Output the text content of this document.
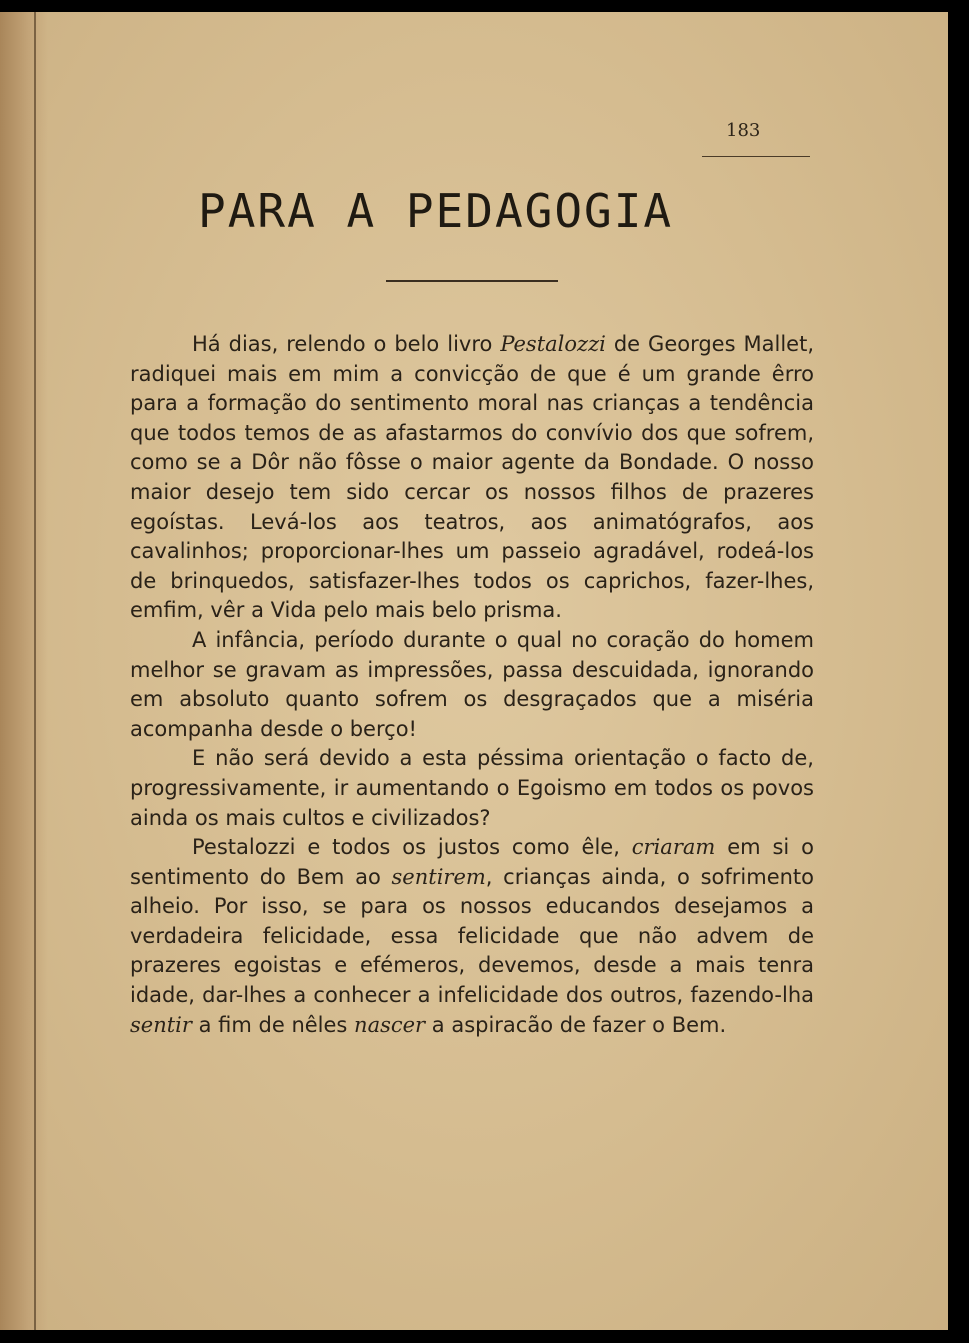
183
PARA A PEDAGOGIA

Há dias, relendo o belo livro Pestalozzi de Georges Mallet, radiquei mais em mim a convicção de que é um grande êrro para a formação do sentimento moral nas crianças a tendência que todos temos de as afastarmos do convívio dos que sofrem, como se a Dôr não fôsse o maior agente da Bondade. O nosso maior desejo tem sido cercar os nossos filhos de prazeres egoístas. Levá-los aos teatros, aos animatógrafos, aos cavalinhos; proporcionar-lhes um passeio agradável, rodeá-los de brinquedos, satisfazer-lhes todos os caprichos, fazer-lhes, emfim, vêr a Vida pelo mais belo prisma.

A infância, período durante o qual no coração do homem melhor se gravam as impressões, passa descuidada, ignorando em absoluto quanto sofrem os desgraçados que a miséria acompanha desde o berço!

E não será devido a esta péssima orientação o facto de, progressivamente, ir aumentando o Egoismo em todos os povos ainda os mais cultos e civilizados?

Pestalozzi e todos os justos como êle, criaram em si o sentimento do Bem ao sentirem, crianças ainda, o sofrimento alheio. Por isso, se para os nossos educandos desejamos a verdadeira felicidade, essa felicidade que não advem de prazeres egoistas e efémeros, devemos, desde a mais tenra idade, dar-lhes a conhecer a infelicidade dos outros, fazendo-lha sentir a fim de nêles nascer a aspiracão de fazer o Bem.
